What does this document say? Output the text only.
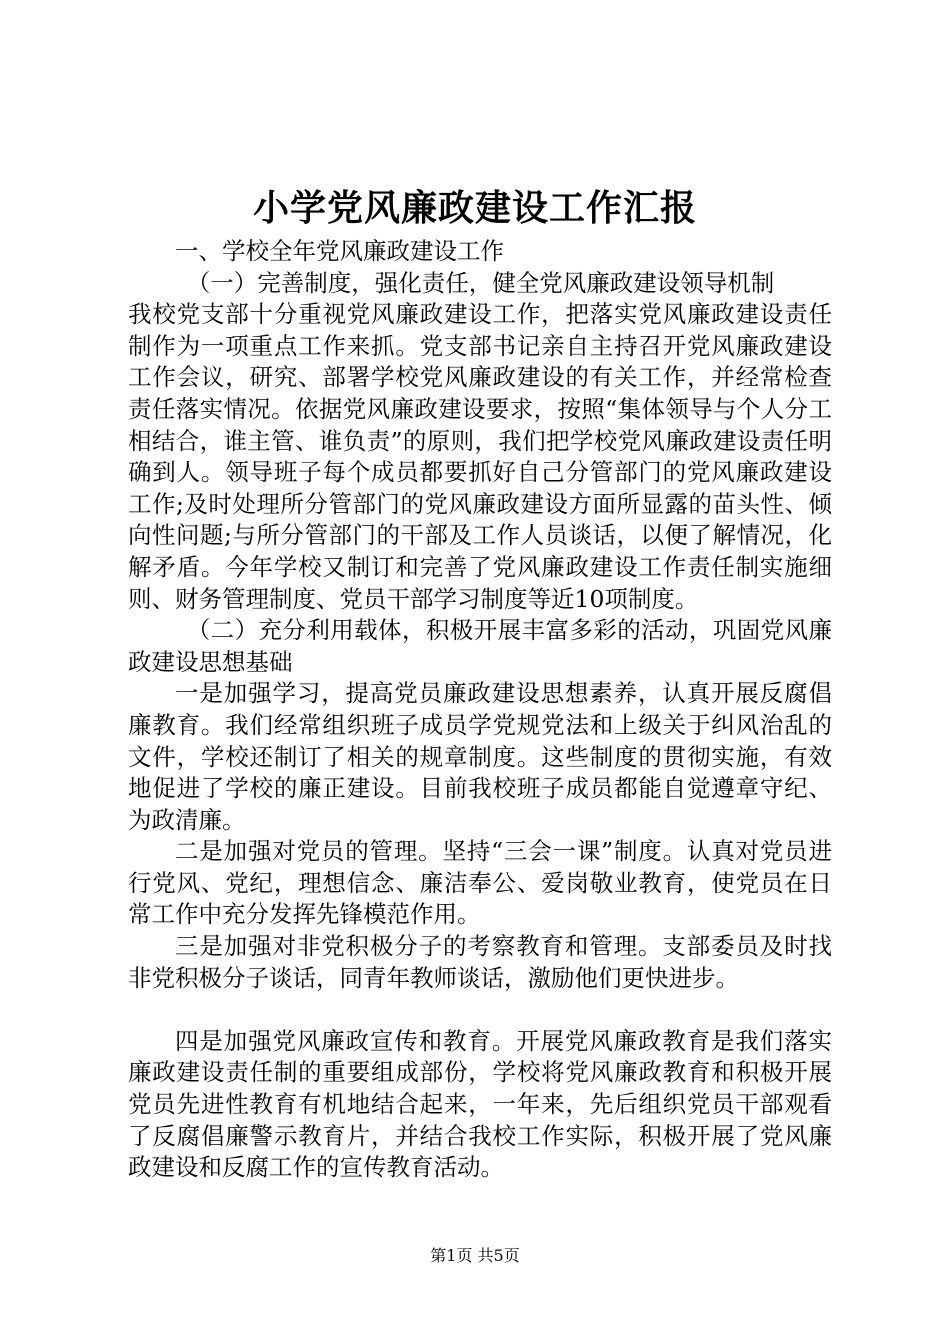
小学党风廉政建设工作汇报

一、学校全年党风廉政建设工作

（一）完善制度，强化责任，健全党风廉政建设领导机制

我校党支部十分重视党风廉政建设工作，把落实党风廉政建设责任制作为一项重点工作来抓。党支部书记亲自主持召开党风廉政建设工作会议，研究、部署学校党风廉政建设的有关工作，并经常检查责任落实情况。依据党风廉政建设要求，按照“集体领导与个人分工相结合，谁主管、谁负责”的原则，我们把学校党风廉政建设责任明确到人。领导班子每个成员都要抓好自己分管部门的党风廉政建设工作;及时处理所分管部门的党风廉政建设方面所显露的苗头性、倾向性问题;与所分管部门的干部及工作人员谈话，以便了解情况，化解矛盾。今年学校又制订和完善了党风廉政建设工作责任制实施细则、财务管理制度、党员干部学习制度等近10项制度。

（二）充分利用载体，积极开展丰富多彩的活动，巩固党风廉政建设思想基础

一是加强学习，提高党员廉政建设思想素养，认真开展反腐倡廉教育。我们经常组织班子成员学党规党法和上级关于纠风治乱的文件，学校还制订了相关的规章制度。这些制度的贯彻实施，有效地促进了学校的廉正建设。目前我校班子成员都能自觉遵章守纪、为政清廉。

二是加强对党员的管理。坚持“三会一课”制度。认真对党员进行党风、党纪，理想信念、廉洁奉公、爱岗敬业教育，使党员在日常工作中充分发挥先锋模范作用。

三是加强对非党积极分子的考察教育和管理。支部委员及时找非党积极分子谈话，同青年教师谈话，激励他们更快进步。

四是加强党风廉政宣传和教育。开展党风廉政教育是我们落实廉政建设责任制的重要组成部份，学校将党风廉政教育和积极开展党员先进性教育有机地结合起来，一年来，先后组织党员干部观看了反腐倡廉警示教育片，并结合我校工作实际，积极开展了党风廉政建设和反腐工作的宣传教育活动。

第1页 共5页
